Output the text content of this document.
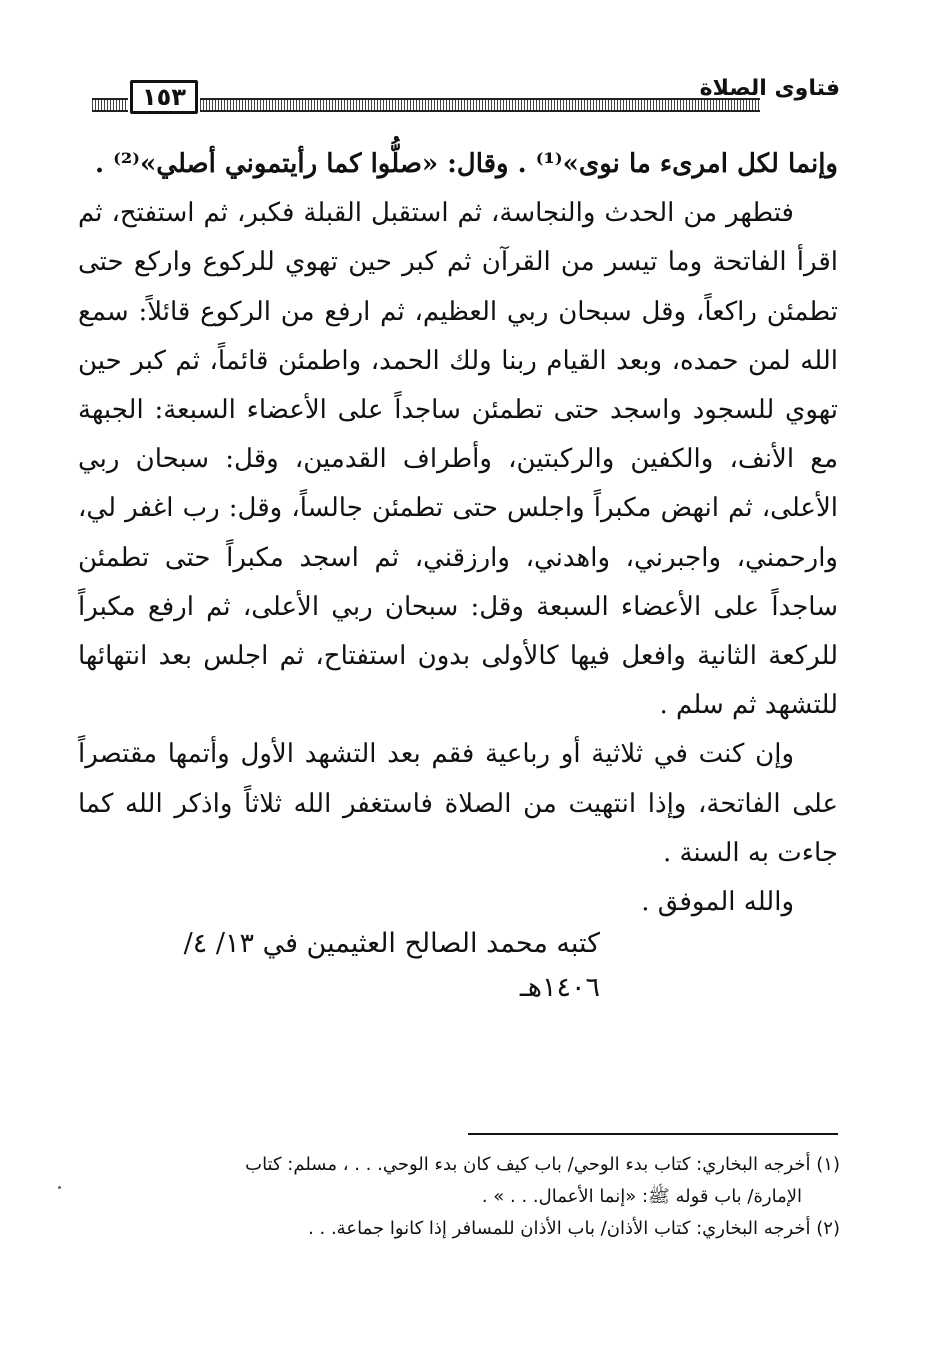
١٥٣	فتاوى الصلاة

وإنما لكل امرىء ما نوى»⁽¹⁾ . وقال: «صلُّوا كما رأيتموني أصلي»⁽²⁾ .

فتطهر من الحدث والنجاسة، ثم استقبل القبلة فكبر، ثم استفتح، ثم اقرأ الفاتحة وما تيسر من القرآن ثم كبر حين تهوي للركوع واركع حتى تطمئن راكعاً، وقل سبحان ربي العظيم، ثم ارفع من الركوع قائلاً: سمع الله لمن حمده، وبعد القيام ربنا ولك الحمد، واطمئن قائماً، ثم كبر حين تهوي للسجود واسجد حتى تطمئن ساجداً على الأعضاء السبعة: الجبهة مع الأنف، والكفين والركبتين، وأطراف القدمين، وقل: سبحان ربي الأعلى، ثم انهض مكبراً واجلس حتى تطمئن جالساً، وقل: رب اغفر لي، وارحمني، واجبرني، واهدني، وارزقني، ثم اسجد مكبراً حتى تطمئن ساجداً على الأعضاء السبعة وقل: سبحان ربي الأعلى، ثم ارفع مكبراً للركعة الثانية وافعل فيها كالأولى بدون استفتاح، ثم اجلس بعد انتهائها للتشهد ثم سلم .

وإن كنت في ثلاثية أو رباعية فقم بعد التشهد الأول وأتمها مقتصراً على الفاتحة، وإذا انتهيت من الصلاة فاستغفر الله ثلاثاً واذكر الله كما جاءت به السنة .

والله الموفق .

كتبه محمد الصالح العثيمين في ١٣/ ٤/ ١٤٠٦هـ

(١) أخرجه البخاري: كتاب بدء الوحي/ باب كيف كان بدء الوحي. . . ، مسلم: كتاب

الإمارة/ باب قوله ﷺ: «إنما الأعمال. . . » .

(٢) أخرجه البخاري: كتاب الأذان/ باب الأذان للمسافر إذا كانوا جماعة. . .
